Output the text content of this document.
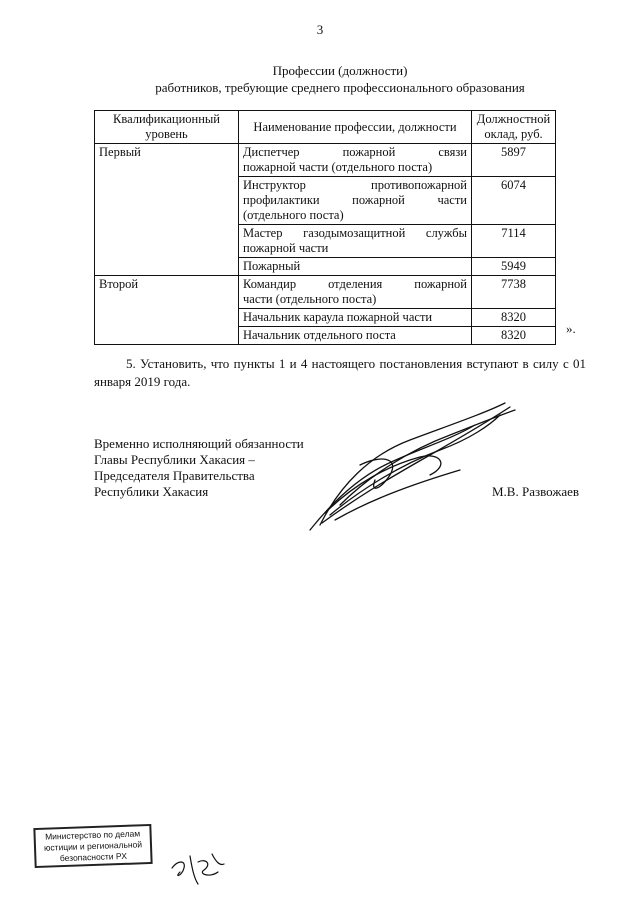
3
Профессии (должности)
работников, требующие среднего профессионального образования
Квалификационный уровень	Наименование профессии, должности	Должностной оклад, руб.
Первый	Диспетчер пожарной связи
пожарной части (отдельного поста)	5897

	Инструктор противопожарной
профилактики пожарной части
(отдельного поста)	6074

	Мастер газодымозащитной службы
пожарной части	7114

	Пожарный	5949
Второй	Командир отделения пожарной
части (отдельного поста)	7738

	Начальник караула пожарной части	8320

	Начальник отдельного поста	8320	».
5. Установить, что пункты 1 и 4 настоящего постановления вступают в силу с 01 января 2019 года.
Временно исполняющий обязанности
Главы Республики Хакасия –
Председателя Правительства
Республики Хакасия	М.В. Развожаев
Министерство по делам
юстиции и региональной
безопасности РХ
